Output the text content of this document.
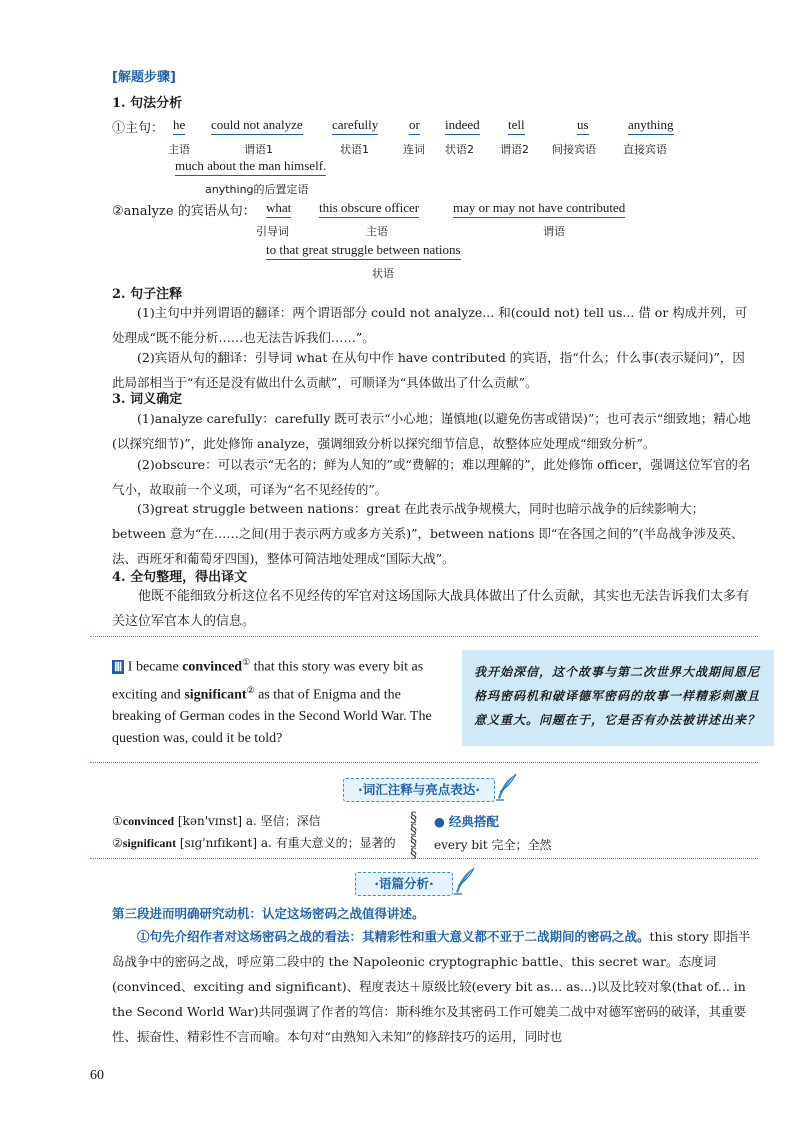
[解题步骤]
1. 句法分析
①主句： he
主语
could not analyze
谓语1
carefully
状语1
or
连词
indeed
状语2
tell
谓语2
us
间接宾语
anything
直接宾语
much about the man himself.
anything的后置定语
②analyze 的宾语从句： what
引导词
this obscure officer
主语
may or may not have contributed
谓语
to that great struggle between nations
状语
2. 句子注释
(1)主句中并列谓语的翻译：两个谓语部分 could not analyze... 和(could not) tell us... 借 or 构成并列，可处理成“既不能分析……也无法告诉我们……”。
(2)宾语从句的翻译：引导词 what 在从句中作 have contributed 的宾语，指“什么；什么事(表示疑问)”，因此局部相当于“有还是没有做出什么贡献”，可顺译为“具体做出了什么贡献”。
3. 词义确定
(1)analyze carefully：carefully 既可表示“小心地；谨慎地(以避免伤害或错误)”；也可表示“细致地；精心地(以探究细节)”，此处修饰 analyze，强调细致分析以探究细节信息，故整体应处理成“细致分析”。
(2)obscure：可以表示“无名的；鲜为人知的”或“费解的；难以理解的”，此处修饰 officer，强调这位军官的名气小，故取前一个义项，可译为“名不见经传的”。
(3)great struggle between nations：great 在此表示战争规模大，同时也暗示战争的后续影响大；between 意为“在……之间(用于表示两方或多方关系)”，between nations 即“在各国之间的”(半岛战争涉及英、法、西班牙和葡萄牙四国)，整体可简洁地处理成“国际大战”。
4. 全句整理，得出译文
他既不能细致分析这位名不见经传的军官对这场国际大战具体做出了什么贡献，其实也无法告诉我们太多有关这位军官本人的信息。
Ⅲ I became convinced① that this story was every bit as exciting and significant② as that of Enigma and the breaking of German codes in the Second World War. The question was, could it be told?
我开始深信，这个故事与第二次世界大战期间恩尼格玛密码机和破译德军密码的故事一样精彩刺激且意义重大。问题在于，它是否有办法被讲述出来？
·词汇注释与亮点表达·
①convinced [kən'vɪnst] a. 坚信；深信
②significant [sɪɡ'nɪfɪkənt] a. 有重大意义的；显著的
§
§
§
§
● 经典搭配
every bit 完全；全然
·语篇分析·
第三段进而明确研究动机：认定这场密码之战值得讲述。
①句先介绍作者对这场密码之战的看法：其精彩性和重大意义都不亚于二战期间的密码之战。this story 即指半岛战争中的密码之战，呼应第二段中的 the Napoleonic cryptographic battle、this secret war。态度词(convinced、exciting and significant)、程度表达＋原级比较(every bit as... as...)以及比较对象(that of... in the Second World War)共同强调了作者的笃信：斯科维尔及其密码工作可媲美二战中对德军密码的破译，其重要性、振奋性、精彩性不言而喻。本句对“由熟知入未知”的修辞技巧的运用，同时也
60
